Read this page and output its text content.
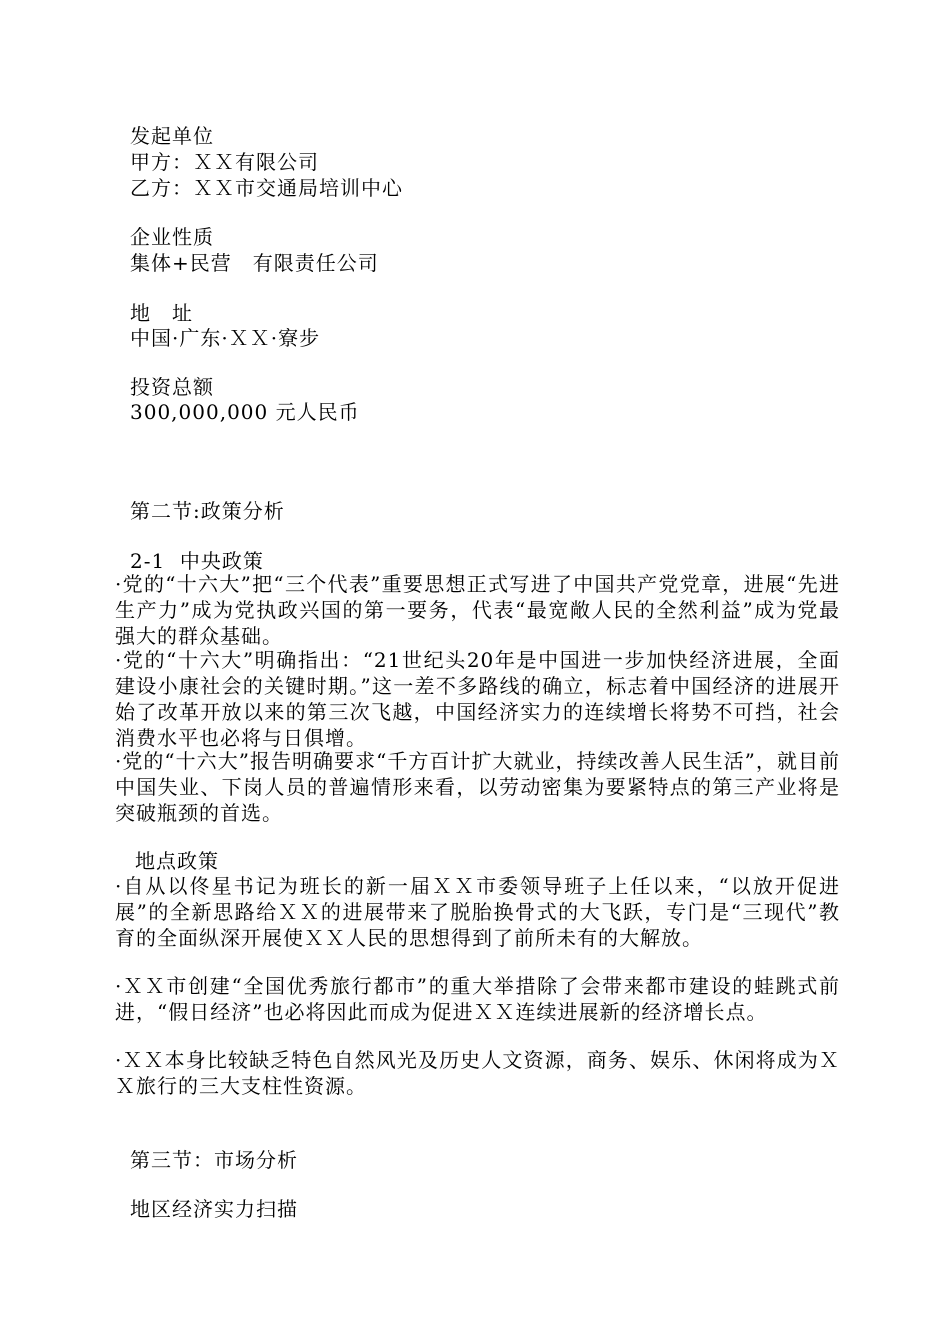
发起单位
甲方：ＸＸ有限公司
乙方：ＸＸ市交通局培训中心
企业性质
集体+民营　有限责任公司
地　址
中国·广东·ＸＸ·寮步
投资总额
300,000,000 元人民币
第二节:政策分析
2-1  中央政策
·党的“十六大”把“三个代表”重要思想正式写进了中国共产党党章，进展“先进生产力”成为党执政兴国的第一要务，代表“最宽敞人民的全然利益”成为党最强大的群众基础。
·党的“十六大”明确指出：“21世纪头20年是中国进一步加快经济进展，全面建设小康社会的关键时期。”这一差不多路线的确立，标志着中国经济的进展开始了改革开放以来的第三次飞越，中国经济实力的连续增长将势不可挡，社会消费水平也必将与日俱增。
·党的“十六大”报告明确要求“千方百计扩大就业，持续改善人民生活”，就目前中国失业、下岗人员的普遍情形来看，以劳动密集为要紧特点的第三产业将是突破瓶颈的首选。
地点政策
·自从以佟星书记为班长的新一届ＸＸ市委领导班子上任以来，“以放开促进展”的全新思路给ＸＸ的进展带来了脱胎换骨式的大飞跃，专门是“三现代”教育的全面纵深开展使ＸＸ人民的思想得到了前所未有的大解放。
·ＸＸ市创建“全国优秀旅行都市”的重大举措除了会带来都市建设的蛙跳式前进，“假日经济”也必将因此而成为促进ＸＸ连续进展新的经济增长点。
·ＸＸ本身比较缺乏特色自然风光及历史人文资源，商务、娱乐、休闲将成为ＸＸ旅行的三大支柱性资源。
第三节：市场分析
地区经济实力扫描
